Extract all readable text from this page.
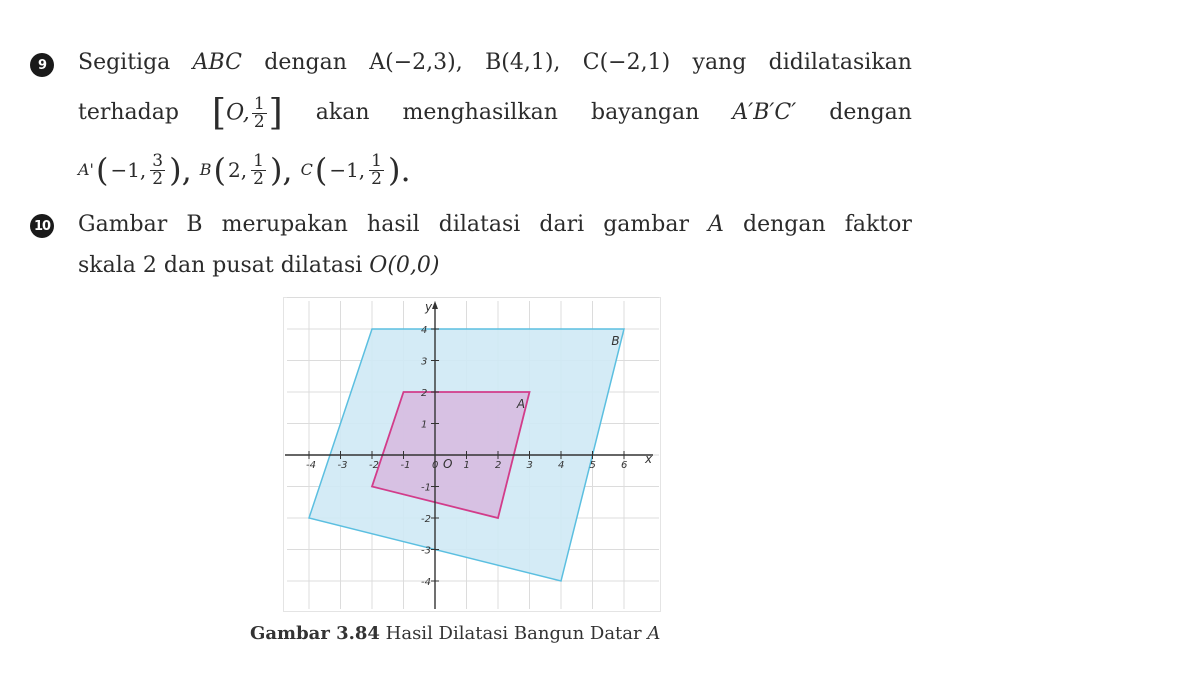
9 Segitiga ABC dengan A(−2,3), B(4,1), C(−2,1) yang didilatasikan
terhadap [O, $\frac{1}{2}$ ] akan menghasilkan bayangan A′B′C′ dengan
A' ( −1, $\frac{3}{2}$ ), B ( 2, $\frac{1}{2}$ ), C ( −1, $\frac{1}{2}$ ).
10 Gambar B merupakan hasil dilatasi dari gambar A dengan faktor
skala 2 dan pusat dilatasi O(0,0)
-4 -3 -2 -1 0	1	2	3	4	5	6
4
3
2
1
-1
-2
-3
-4
B
A
x
y
O
Gambar 3.84 Hasil Dilatasi Bangun Datar A
